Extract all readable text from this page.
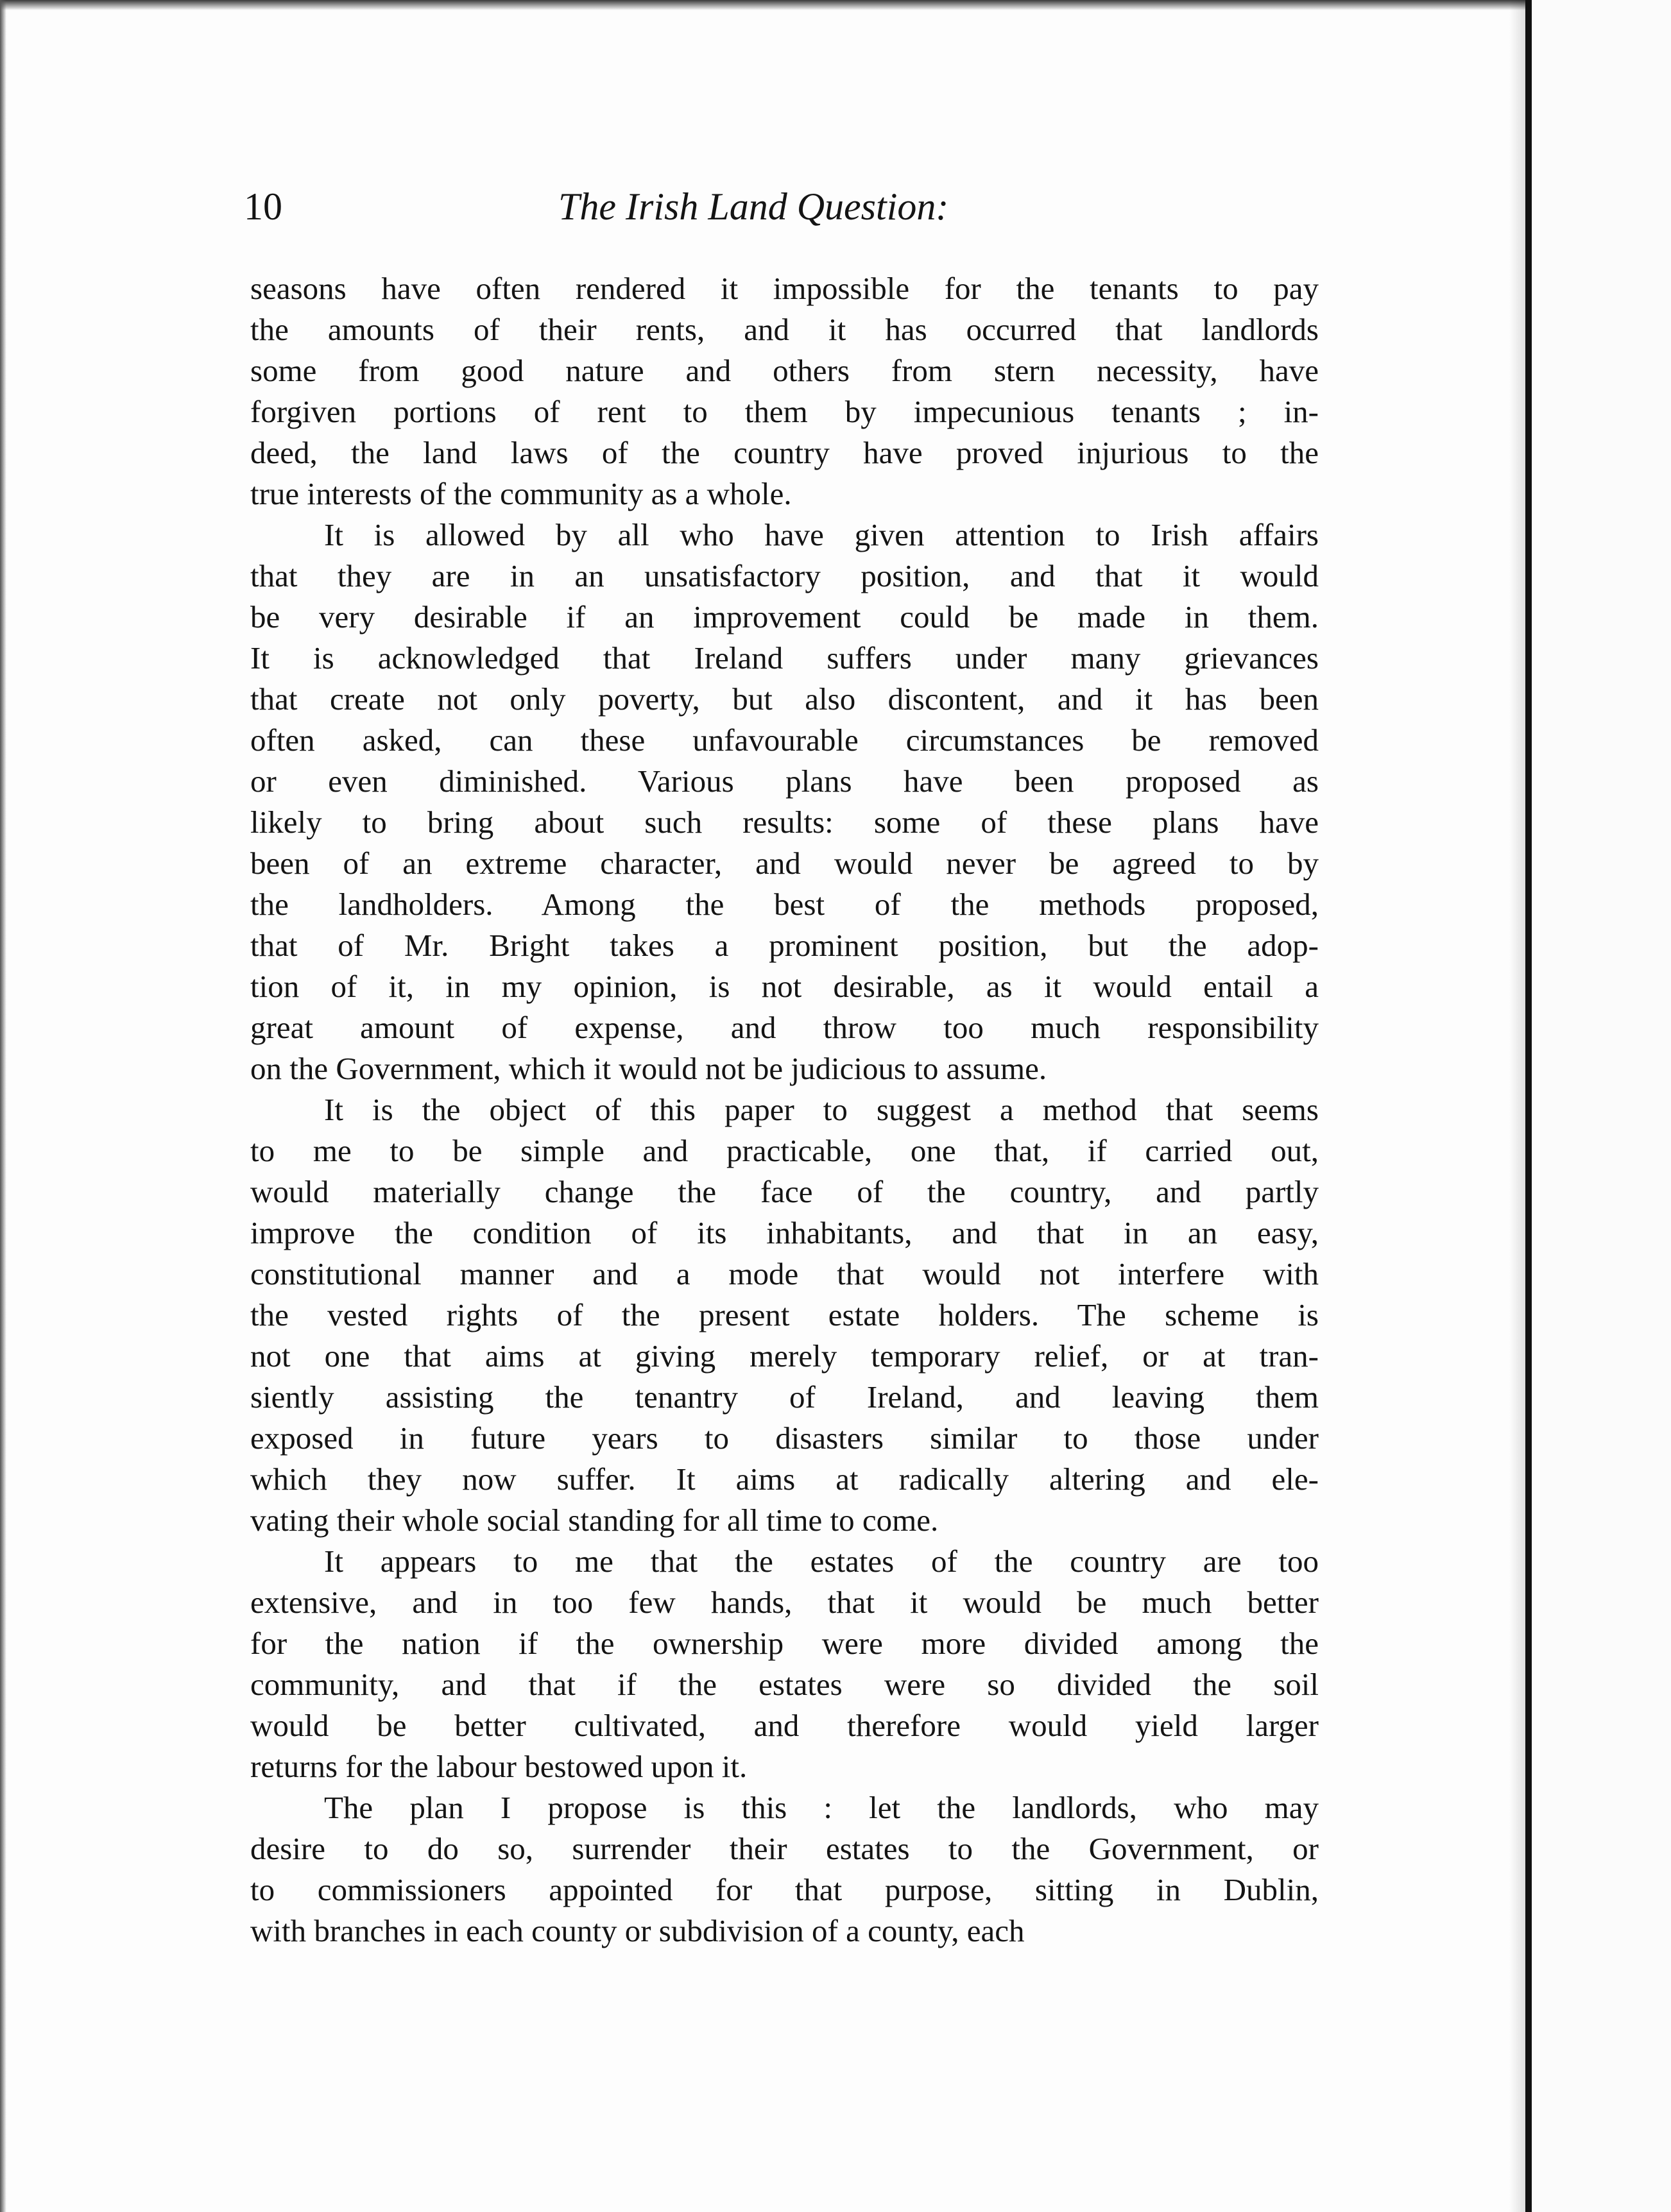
10	The Irish Land Question:
seasons have often rendered it impossible for the tenants to pay
the amounts of their rents, and it has occurred that landlords
some from good nature and others from stern necessity, have
forgiven portions of rent to them by impecunious tenants ; in-
deed, the land laws of the country have proved injurious to the
true interests of the community as a whole.
It is allowed by all who have given attention to Irish affairs
that they are in an unsatisfactory position, and that it would
be very desirable if an improvement could be made in them.
It is acknowledged that Ireland suffers under many grievances
that create not only poverty, but also discontent, and it has been
often asked, can these unfavourable circumstances be removed
or even diminished. Various plans have been proposed as
likely to bring about such results: some of these plans have
been of an extreme character, and would never be agreed to by
the landholders. Among the best of the methods proposed,
that of Mr. Bright takes a prominent position, but the adop-
tion of it, in my opinion, is not desirable, as it would entail a
great amount of expense, and throw too much responsibility
on the Government, which it would not be judicious to assume.
It is the object of this paper to suggest a method that seems
to me to be simple and practicable, one that, if carried out,
would materially change the face of the country, and partly
improve the condition of its inhabitants, and that in an easy,
constitutional manner and a mode that would not interfere with
the vested rights of the present estate holders. The scheme is
not one that aims at giving merely temporary relief, or at tran-
siently assisting the tenantry of Ireland, and leaving them
exposed in future years to disasters similar to those under
which they now suffer. It aims at radically altering and ele-
vating their whole social standing for all time to come.
It appears to me that the estates of the country are too
extensive, and in too few hands, that it would be much better
for the nation if the ownership were more divided among the
community, and that if the estates were so divided the soil
would be better cultivated, and therefore would yield larger
returns for the labour bestowed upon it.
The plan I propose is this : let the landlords, who may
desire to do so, surrender their estates to the Government, or
to commissioners appointed for that purpose, sitting in Dublin,
with branches in each county or subdivision of a county, each
